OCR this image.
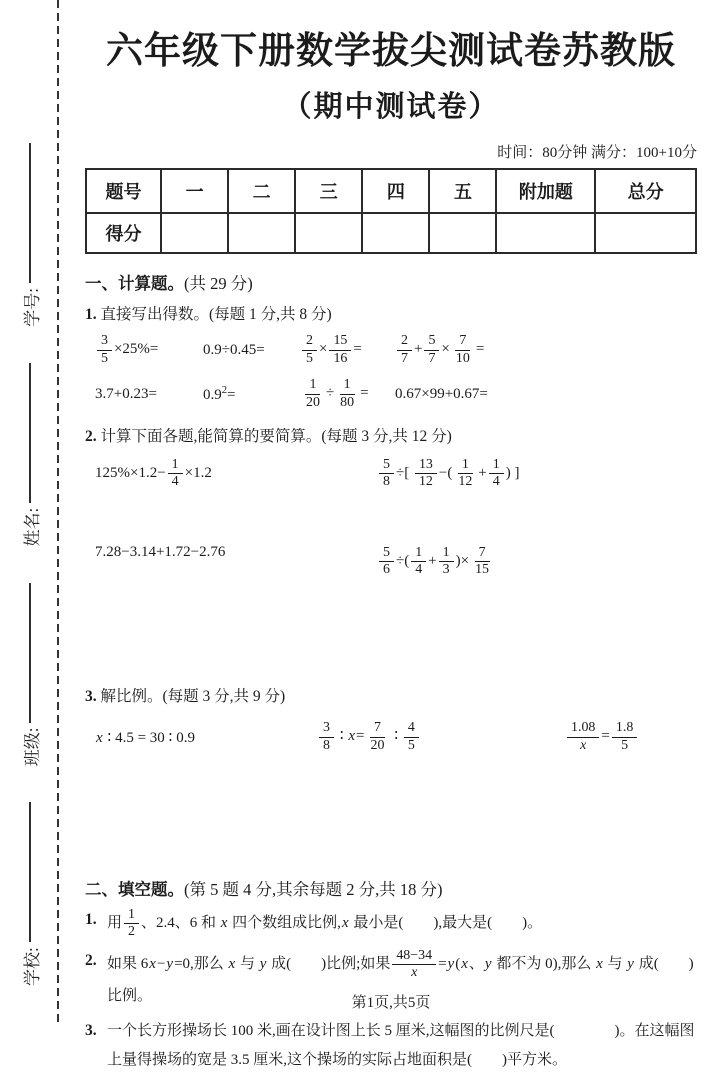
学校:
班级:
姓名:
学号:
六年级下册数学拔尖测试卷苏教版
（期中测试卷）
时间：80分钟 满分：100+10分
题号	一	二	三	四	五	附加题	总分
得分							
一、计算题。(共 29 分)
1. 直接写出得数。(每题 1 分,共 8 分)
$\frac{3}{5} \times 25\%=$	0.9÷0.45=	$\frac{2}{5} \times \frac{15}{16}$ =	$\frac{2}{7} + \frac{5}{7} \times \frac{7}{10}$ =
3.7+0.23=	$0.9^2=$	$\frac{1}{20} \div \frac{1}{80}$ =	0.67×99+0.67=
2. 计算下面各题,能简算的要简算。(每题 3 分,共 12 分)
$125\%\times 1.2- \frac{1}{4} \times 1.2$	$\frac{5}{8}$ ÷[ $\frac{13}{12}$ −( $\frac{1}{12} + \frac{1}{4}$ ) ]
7.28−3.14+1.72−2.76	$\frac{5}{6}$ ÷( $\frac{1}{4} + \frac{1}{3}$ )× $\frac{7}{15}$
3. 解比例。(每题 3 分,共 9 分)
x ∶ 4.5 = 30 ∶ 0.9	$\frac{3}{8}$ ∶ $x= \frac{7}{20}$ ∶ $\frac{4}{5}$	$\frac{1.08}{x} = \frac{1.8}{5}$
二、填空题。(第 5 题 4 分,其余每题 2 分,共 18 分)
1. 用 $\frac{1}{2}$ 、2.4、6 和 x 四个数组成比例,x 最小是(　　),最大是(　　)。
2. 如果 6x−y=0,那么 x 与 y 成(　　)比例;如果 $\frac{48-34}{x} =y(x$、y 都不为 0),那么 x 与 y 成(　　)比例。
3. 一个长方形操场长 100 米,画在设计图上长 5 厘米,这幅图的比例尺是(　　　　)。在这幅图上量得操场的宽是 3.5 厘米,这个操场的实际占地面积是(　　)平方米。
第1页,共5页
